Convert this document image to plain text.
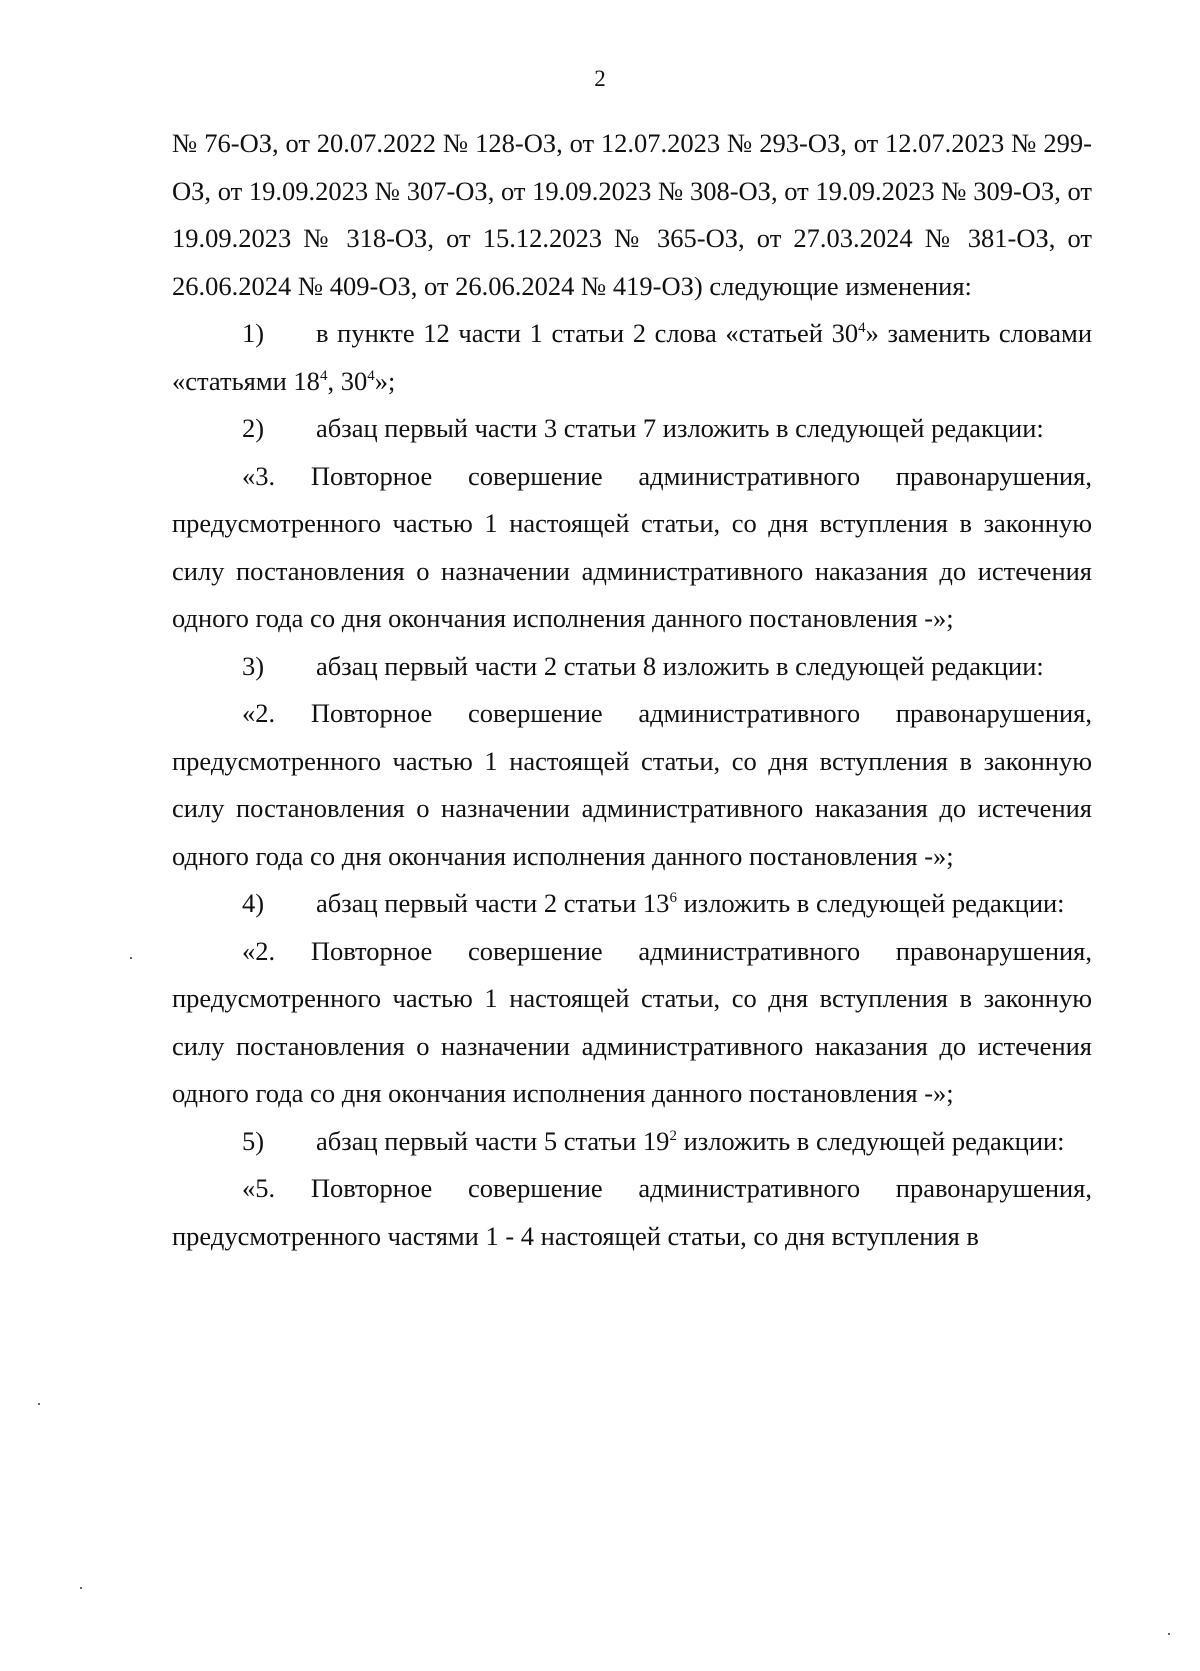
2

№ 76-ОЗ, от 20.07.2022 № 128-ОЗ, от 12.07.2023 № 293-ОЗ, от 12.07.2023 № 299-ОЗ, от 19.09.2023 № 307-ОЗ, от 19.09.2023 № 308-ОЗ, от 19.09.2023 № 309-ОЗ, от 19.09.2023 № 318-ОЗ, от 15.12.2023 № 365-ОЗ, от 27.03.2024 № 381-ОЗ, от 26.06.2024 № 409-ОЗ, от 26.06.2024 № 419-ОЗ) следующие изменения:

1) в пункте 12 части 1 статьи 2 слова «статьей $30^4$» заменить словами «статьями $18^4$, $30^4$»;

2) абзац первый части 3 статьи 7 изложить в следующей редакции:

«3. Повторное совершение административного правонарушения, предусмотренного частью 1 настоящей статьи, со дня вступления в законную силу постановления о назначении административного наказания до истечения одного года со дня окончания исполнения данного постановления -»;

3) абзац первый части 2 статьи 8 изложить в следующей редакции:

«2. Повторное совершение административного правонарушения, предусмотренного частью 1 настоящей статьи, со дня вступления в законную силу постановления о назначении административного наказания до истечения одного года со дня окончания исполнения данного постановления -»;

4) абзац первый части 2 статьи $13^6$ изложить в следующей редакции:

«2. Повторное совершение административного правонарушения, предусмотренного частью 1 настоящей статьи, со дня вступления в законную силу постановления о назначении административного наказания до истечения одного года со дня окончания исполнения данного постановления -»;

5) абзац первый части 5 статьи $19^2$ изложить в следующей редакции:

«5. Повторное совершение административного правонарушения, предусмотренного частями 1 - 4 настоящей статьи, со дня вступления в
